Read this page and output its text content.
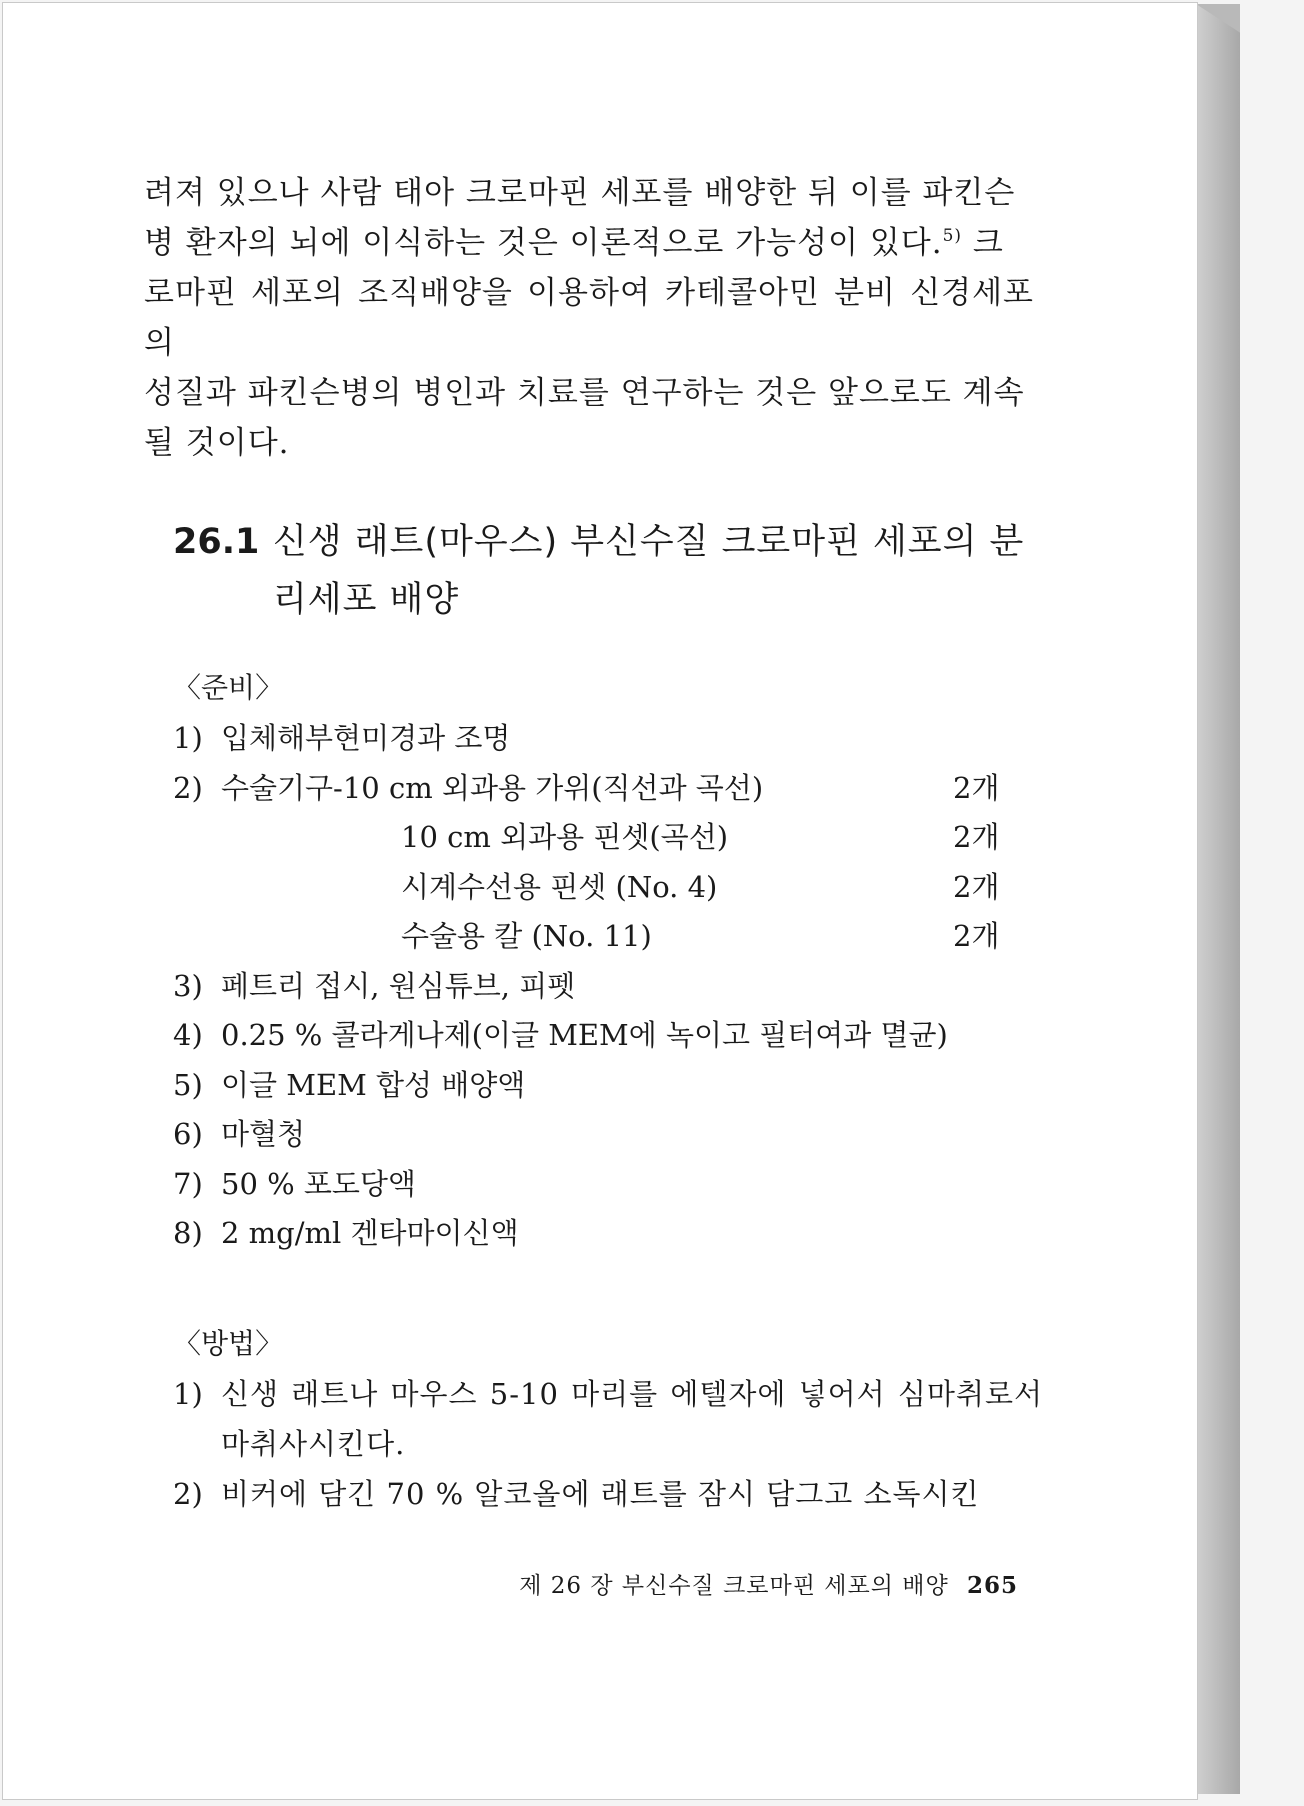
려져 있으나 사람 태아 크로마핀 세포를 배양한 뒤 이를 파킨슨
병 환자의 뇌에 이식하는 것은 이론적으로 가능성이 있다.$^{5)}$ 크
로마핀 세포의 조직배양을 이용하여 카테콜아민 분비 신경세포의
성질과 파킨슨병의 병인과 치료를 연구하는 것은 앞으로도 계속
될 것이다.
26.1 신생 래트(마우스) 부신수질 크로마핀 세포의 분리세포 배양
〈준비〉
1) 입체해부현미경과 조명
2) 수술기구-10 cm 외과용 가위(직선과 곡선)	2개
10 cm 외과용 핀셋(곡선)	2개
시계수선용 핀셋 (No. 4)	2개
수술용 칼 (No. 11)	2개
3) 페트리 접시, 원심튜브, 피펫
4) 0.25 % 콜라게나제(이글 MEM에 녹이고 필터여과 멸균)
5) 이글 MEM 합성 배양액
6) 마혈청
7) 50 % 포도당액
8) 2 mg/ml 겐타마이신액
〈방법〉
1) 신생 래트나 마우스 5-10 마리를 에텔자에 넣어서 심마취로서 마취사시킨다.
2) 비커에 담긴 70 % 알코올에 래트를 잠시 담그고 소독시킨
제 26 장 부신수질 크로마핀 세포의 배양 265
